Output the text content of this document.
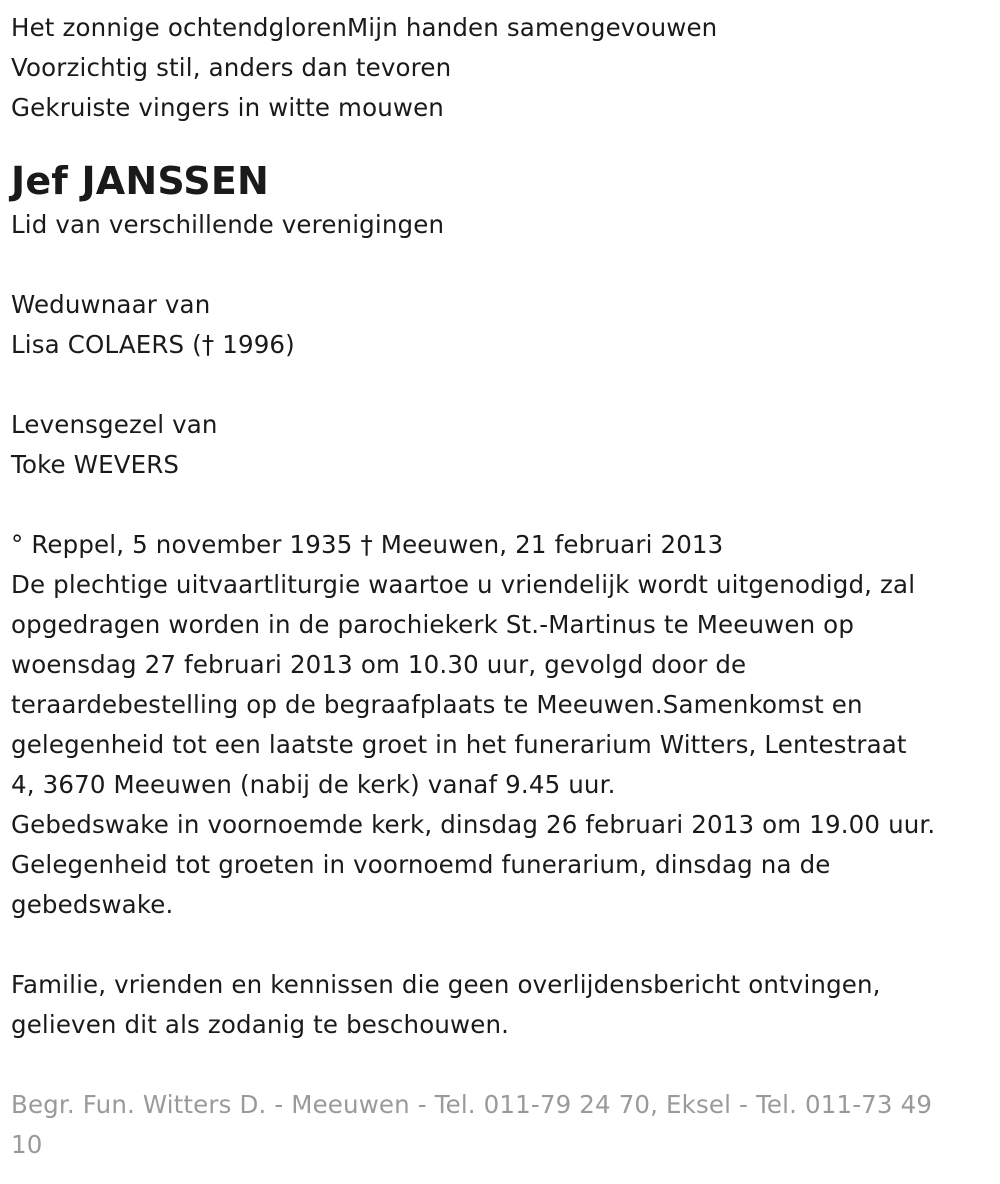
Het zonnige ochtendglorenMijn handen samengevouwen
Voorzichtig stil, anders dan tevoren
Gekruiste vingers in witte mouwen
Jef JANSSEN
Lid van verschillende verenigingen
Weduwnaar van
Lisa COLAERS († 1996)
Levensgezel van
Toke WEVERS
° Reppel, 5 november 1935 † Meeuwen, 21 februari 2013
De plechtige uitvaartliturgie waartoe u vriendelijk wordt uitgenodigd, zal
opgedragen worden in de parochiekerk St.-Martinus te Meeuwen op
woensdag 27 februari 2013 om 10.30 uur, gevolgd door de
teraardebestelling op de begraafplaats te Meeuwen.Samenkomst en
gelegenheid tot een laatste groet in het funerarium Witters, Lentestraat
4, 3670 Meeuwen (nabij de kerk) vanaf 9.45 uur.
Gebedswake in voornoemde kerk, dinsdag 26 februari 2013 om 19.00 uur.
Gelegenheid tot groeten in voornoemd funerarium, dinsdag na de
gebedswake.
Familie, vrienden en kennissen die geen overlijdensbericht ontvingen,
gelieven dit als zodanig te beschouwen.
Begr. Fun. Witters D. - Meeuwen - Tel. 011-79 24 70, Eksel - Tel. 011-73 49
10
